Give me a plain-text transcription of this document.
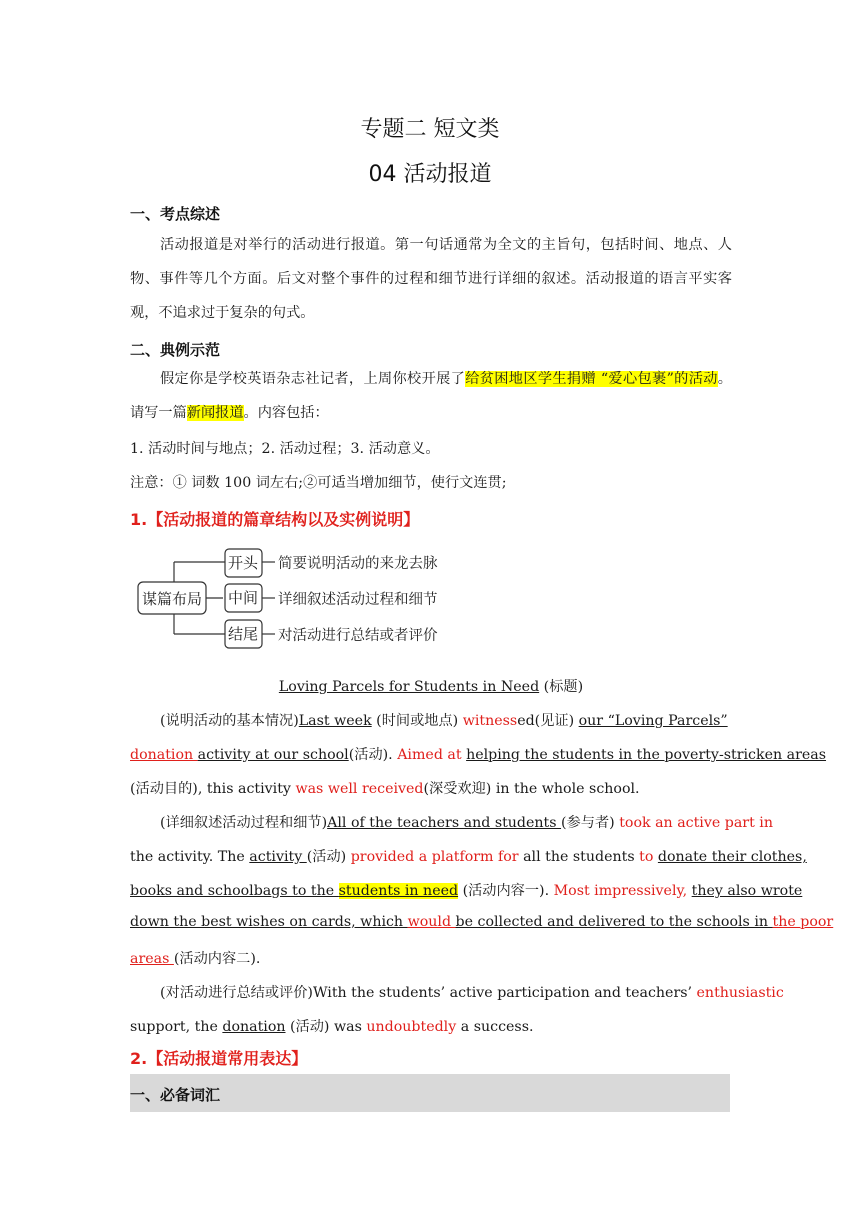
专题二 短文类
04 活动报道
一、考点综述
活动报道是对举行的活动进行报道。第一句话通常为全文的主旨句，包括时间、地点、人物、事件等几个方面。后文对整个事件的过程和细节进行详细的叙述。活动报道的语言平实客观，不追求过于复杂的句式。
二、典例示范
假定你是学校英语杂志社记者，上周你校开展了给贫困地区学生捐赠 “爱心包裹”的活动。请写一篇新闻报道。内容包括：
1. 活动时间与地点；2. 活动过程；3. 活动意义。
注意：① 词数 100 词左右;②可适当增加细节，使行文连贯;
1.【活动报道的篇章结构以及实例说明】
谋篇布局
开头 简要说明活动的来龙去脉
中间 详细叙述活动过程和细节
结尾 对活动进行总结或者评价
Loving Parcels for Students in Need (标题)
(说明活动的基本情况)Last week (时间或地点) witnessed(见证) our “Loving Parcels”
donation activity at our school(活动). Aimed at helping the students in the poverty-stricken areas
(活动目的), this activity was well received(深受欢迎) in the whole school.
(详细叙述活动过程和细节)All of the teachers and students (参与者) took an active part in
the activity. The activity (活动) provided a platform for all the students to donate their clothes,
books and schoolbags to the students in need (活动内容一). Most impressively, they also wrote
down the best wishes on cards, which would be collected and delivered to the schools in the poor
areas (活动内容二).
(对活动进行总结或评价)With the students’ active participation and teachers’ enthusiastic
support, the donation (活动) was undoubtedly a success.
2.【活动报道常用表达】
一、必备词汇
